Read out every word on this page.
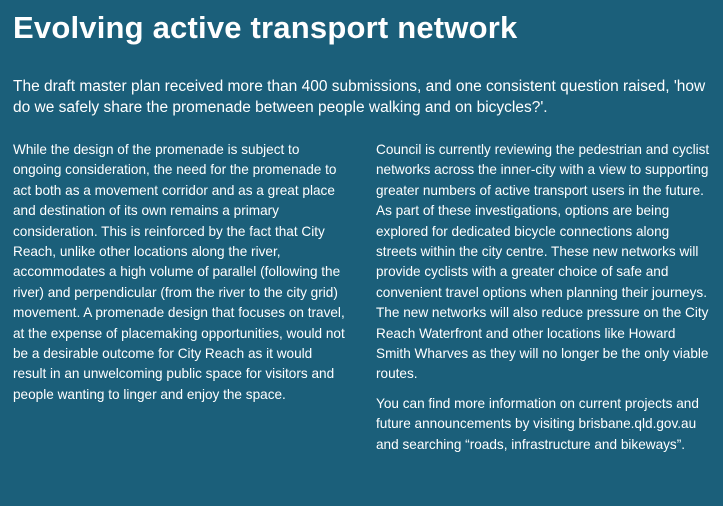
Evolving active transport network

The draft master plan received more than 400 submissions, and one consistent question raised, 'how do we safely share the promenade between people walking and on bicycles?'.

While the design of the promenade is subject to ongoing consideration, the need for the promenade to act both as a movement corridor and as a great place and destination of its own remains a primary consideration. This is reinforced by the fact that City Reach, unlike other locations along the river, accommodates a high volume of parallel (following the river) and perpendicular (from the river to the city grid) movement. A promenade design that focuses on travel, at the expense of placemaking opportunities, would not be a desirable outcome for City Reach as it would result in an unwelcoming public space for visitors and people wanting to linger and enjoy the space.

Council is currently reviewing the pedestrian and cyclist networks across the inner-city with a view to supporting greater numbers of active transport users in the future. As part of these investigations, options are being explored for dedicated bicycle connections along streets within the city centre. These new networks will provide cyclists with a greater choice of safe and convenient travel options when planning their journeys. The new networks will also reduce pressure on the City Reach Waterfront and other locations like Howard Smith Wharves as they will no longer be the only viable routes.

You can find more information on current projects and future announcements by visiting brisbane.qld.gov.au and searching “roads, infrastructure and bikeways”.
